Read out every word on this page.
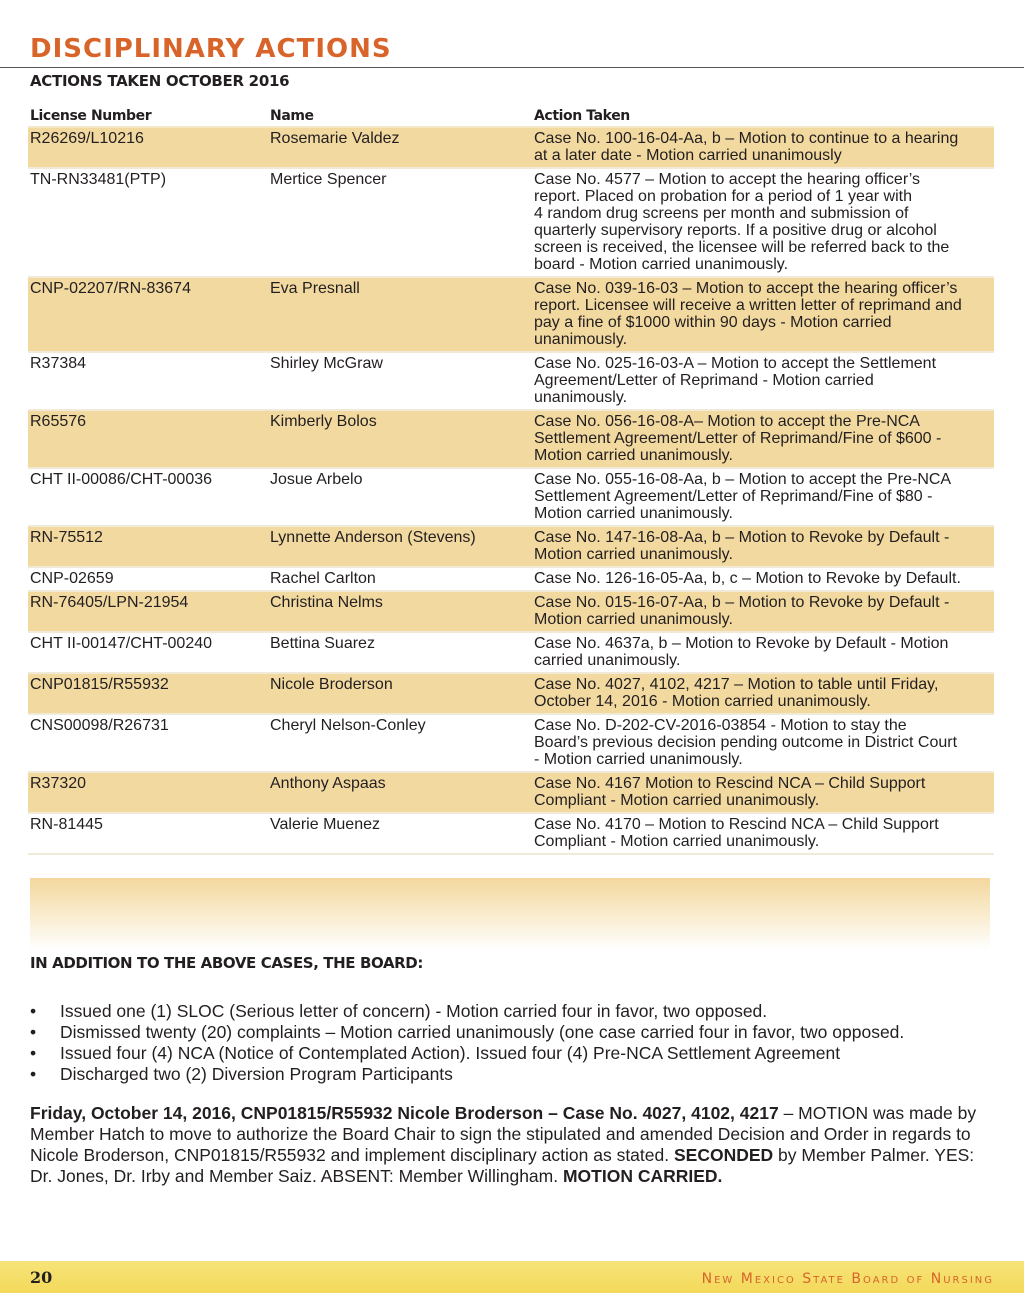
DISCIPLINARY ACTIONS
ACTIONS TAKEN OCTOBER 2016
License Number	Name	Action Taken
R26269/L10216	Rosemarie Valdez	Case No. 100-16-04-Aa, b – Motion to continue to a hearing
at a later date - Motion carried unanimously
TN-RN33481(PTP)	Mertice Spencer	Case No. 4577 – Motion to accept the hearing officer’s
report. Placed on probation for a period of 1 year with
4 random drug screens per month and submission of
quarterly supervisory reports. If a positive drug or alcohol
screen is received, the licensee will be referred back to the
board - Motion carried unanimously.
CNP-02207/RN-83674	Eva Presnall	Case No. 039-16-03 – Motion to accept the hearing officer’s
report. Licensee will receive a written letter of reprimand and
pay a fine of $1000 within 90 days - Motion carried
unanimously.
R37384	Shirley McGraw	Case No. 025-16-03-A – Motion to accept the Settlement
Agreement/Letter of Reprimand - Motion carried
unanimously.
R65576	Kimberly Bolos	Case No. 056-16-08-A– Motion to accept the Pre-NCA
Settlement Agreement/Letter of Reprimand/Fine of $600 -
Motion carried unanimously.
CHT II-00086/CHT-00036	Josue Arbelo	Case No. 055-16-08-Aa, b – Motion to accept the Pre-NCA
Settlement Agreement/Letter of Reprimand/Fine of $80 -
Motion carried unanimously.
RN-75512	Lynnette Anderson (Stevens)	Case No. 147-16-08-Aa, b – Motion to Revoke by Default -
Motion carried unanimously.
CNP-02659	Rachel Carlton	Case No. 126-16-05-Aa, b, c – Motion to Revoke by Default.
RN-76405/LPN-21954	Christina Nelms	Case No. 015-16-07-Aa, b – Motion to Revoke by Default -
Motion carried unanimously.
CHT II-00147/CHT-00240	Bettina Suarez	Case No. 4637a, b – Motion to Revoke by Default - Motion
carried unanimously.
CNP01815/R55932	Nicole Broderson	Case No. 4027, 4102, 4217 – Motion to table until Friday,
October 14, 2016 - Motion carried unanimously.
CNS00098/R26731	Cheryl Nelson-Conley	Case No. D-202-CV-2016-03854 - Motion to stay the
Board’s previous decision pending outcome in District Court
- Motion carried unanimously.
R37320	Anthony Aspaas	Case No. 4167 Motion to Rescind NCA – Child Support
Compliant - Motion carried unanimously.
RN-81445	Valerie Muenez	Case No. 4170 – Motion to Rescind NCA – Child Support
Compliant - Motion carried unanimously.
IN ADDITION TO THE ABOVE CASES, THE BOARD:
•	Issued one (1) SLOC (Serious letter of concern) - Motion carried four in favor, two opposed.
•	Dismissed twenty (20) complaints – Motion carried unanimously (one case carried four in favor, two opposed.
•	Issued four (4) NCA (Notice of Contemplated Action). Issued four (4) Pre-NCA Settlement Agreement
•	Discharged two (2) Diversion Program Participants

Friday, October 14, 2016, CNP01815/R55932 Nicole Broderson – Case No. 4027, 4102, 4217 – MOTION was made by Member Hatch to move to authorize the Board Chair to sign the stipulated and amended Decision and Order in regards to Nicole Broderson, CNP01815/R55932 and implement disciplinary action as stated. SECONDED by Member Palmer. YES: Dr. Jones, Dr. Irby and Member Saiz. ABSENT: Member Willingham. MOTION CARRIED.

20	New Mexico State Board of Nursing
